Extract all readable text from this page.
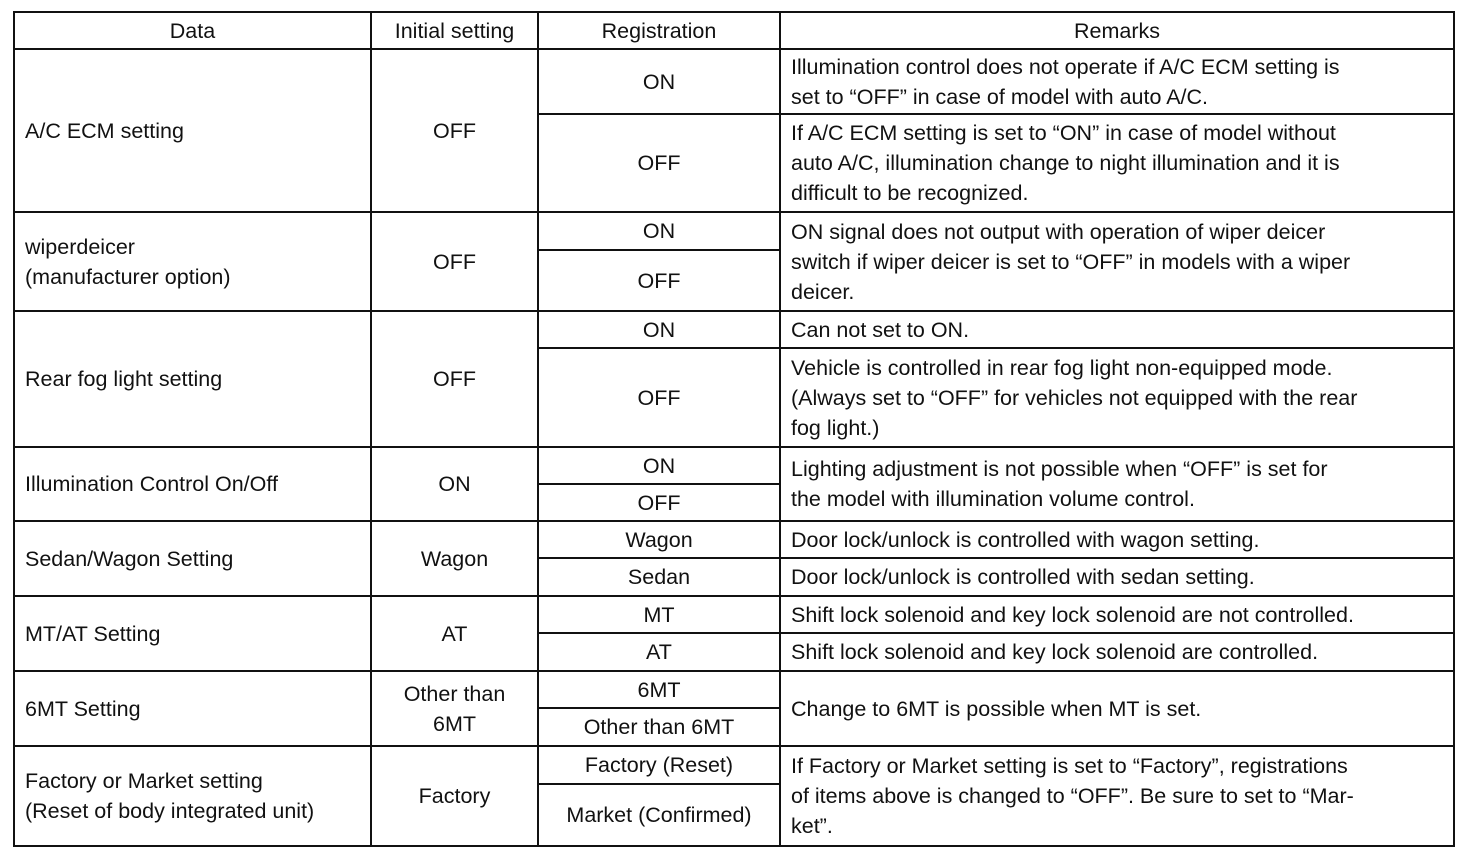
Data	Initial setting	Registration	Remarks

A/C ECM setting	OFF	ON	Illumination control does not operate if A/C ECM setting is
set to “OFF” in case of model with auto A/C.

		OFF	If A/C ECM setting is set to “ON” in case of model without
auto A/C, illumination change to night illumination and it is
difficult to be recognized.

wiperdeicer
(manufacturer option)	OFF	ON	ON signal does not output with operation of wiper deicer
switch if wiper deicer is set to “OFF” in models with a wiper
deicer.

		OFF	

Rear fog light setting	OFF	ON	Can not set to ON.

		OFF	Vehicle is controlled in rear fog light non-equipped mode.
(Always set to “OFF” for vehicles not equipped with the rear
fog light.)

Illumination Control On/Off	ON	ON	Lighting adjustment is not possible when “OFF” is set for
the model with illumination volume control.

		OFF	

Sedan/Wagon Setting	Wagon	Wagon	Door lock/unlock is controlled with wagon setting.

		Sedan	Door lock/unlock is controlled with sedan setting.

MT/AT Setting	AT	MT	Shift lock solenoid and key lock solenoid are not controlled.

		AT	Shift lock solenoid and key lock solenoid are controlled.

6MT Setting	Other than
6MT	6MT	Change to 6MT is possible when MT is set.

		Other than 6MT	

Factory or Market setting
(Reset of body integrated unit)	Factory	Factory (Reset)	If Factory or Market setting is set to “Factory”, registrations
of items above is changed to “OFF”. Be sure to set to “Mar-
ket”.

		Market (Confirmed)	
